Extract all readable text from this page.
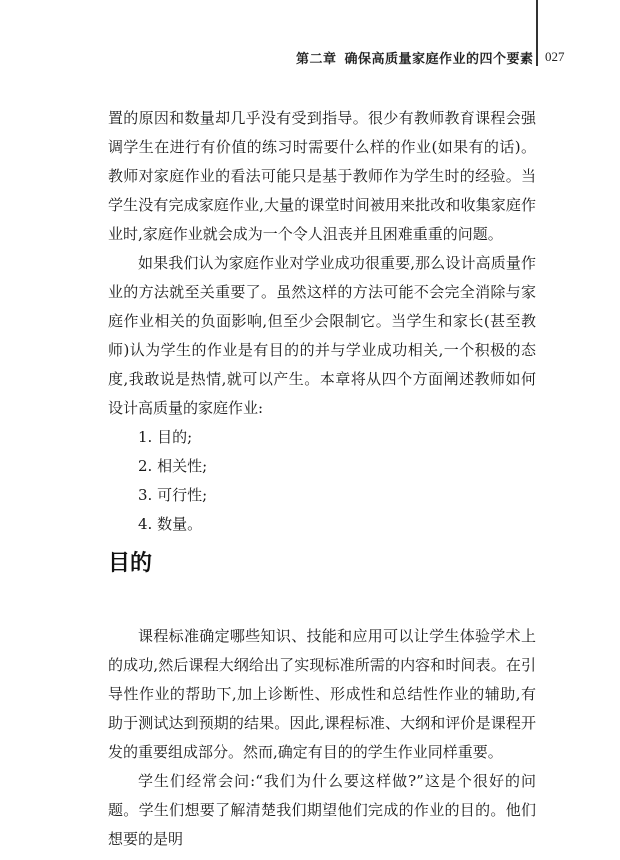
第二章 确保高质量家庭作业的四个要素 027

置的原因和数量却几乎没有受到指导。很少有教师教育课程会强调学生在进行有价值的练习时需要什么样的作业(如果有的话)。教师对家庭作业的看法可能只是基于教师作为学生时的经验。当学生没有完成家庭作业,大量的课堂时间被用来批改和收集家庭作业时,家庭作业就会成为一个令人沮丧并且困难重重的问题。

如果我们认为家庭作业对学业成功很重要,那么设计高质量作业的方法就至关重要了。虽然这样的方法可能不会完全消除与家庭作业相关的负面影响,但至少会限制它。当学生和家长(甚至教师)认为学生的作业是有目的的并与学业成功相关,一个积极的态度,我敢说是热情,就可以产生。本章将从四个方面阐述教师如何设计高质量的家庭作业:

1. 目的;
2. 相关性;
3. 可行性;
4. 数量。
目的

课程标准确定哪些知识、技能和应用可以让学生体验学术上的成功,然后课程大纲给出了实现标准所需的内容和时间表。在引导性作业的帮助下,加上诊断性、形成性和总结性作业的辅助,有助于测试达到预期的结果。因此,课程标准、大纲和评价是课程开发的重要组成部分。然而,确定有目的的学生作业同样重要。

学生们经常会问:“我们为什么要这样做?”这是个很好的问题。学生们想要了解清楚我们期望他们完成的作业的目的。他们想要的是明
